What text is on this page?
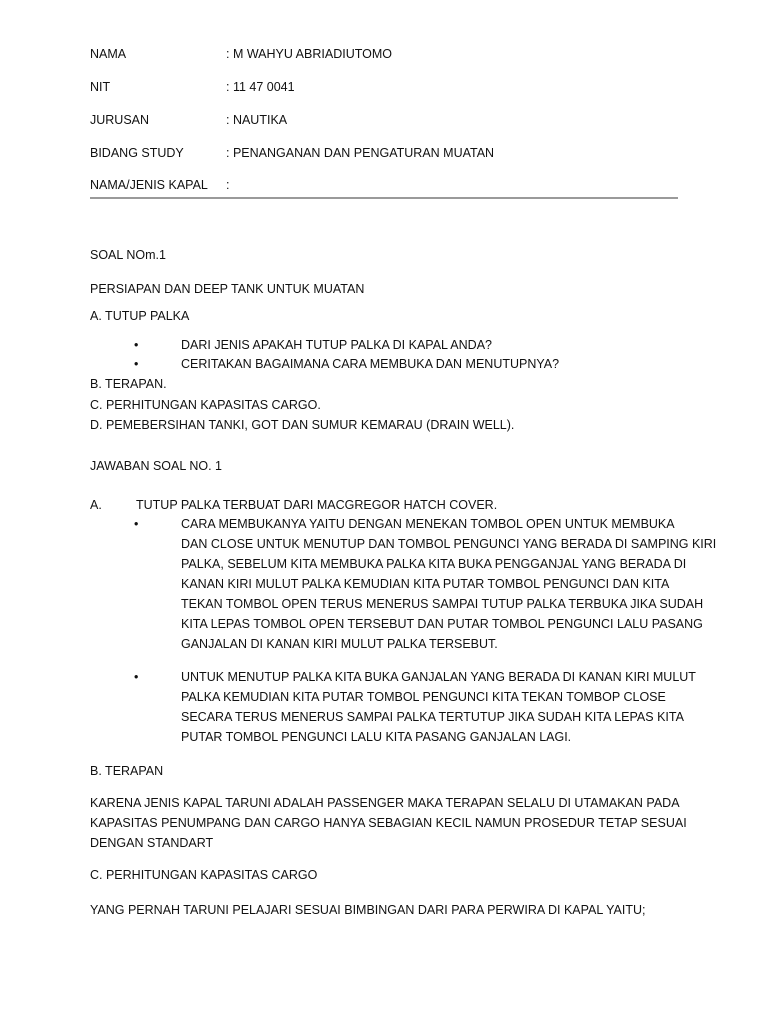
NAMA	: M WAHYU ABRIADIUTOMO
NIT	: 11 47 0041
JURUSAN	: NAUTIKA
BIDANG STUDY	: PENANGANAN DAN PENGATURAN MUATAN
NAMA/JENIS KAPAL :
SOAL NOm.1
PERSIAPAN DAN DEEP TANK UNTUK MUATAN
A. TUTUP PALKA
•	DARI JENIS APAKAH TUTUP PALKA DI KAPAL ANDA?
•	CERITAKAN BAGAIMANA CARA MEMBUKA DAN MENUTUPNYA?
B. TERAPAN.
C. PERHITUNGAN KAPASITAS CARGO.
D. PEMEBERSIHAN TANKI, GOT DAN SUMUR KEMARAU (DRAIN WELL).
JAWABAN SOAL NO. 1
A.	TUTUP PALKA TERBUAT DARI MACGREGOR HATCH COVER.
•	CARA MEMBUKANYA YAITU DENGAN MENEKAN TOMBOL OPEN UNTUK MEMBUKA
DAN CLOSE UNTUK MENUTUP DAN TOMBOL PENGUNCI YANG BERADA DI SAMPING KIRI
PALKA, SEBELUM KITA MEMBUKA PALKA KITA BUKA PENGGANJAL YANG BERADA DI
KANAN KIRI MULUT PALKA KEMUDIAN KITA PUTAR TOMBOL PENGUNCI DAN KITA
TEKAN TOMBOL OPEN TERUS MENERUS SAMPAI TUTUP PALKA TERBUKA JIKA SUDAH
KITA LEPAS TOMBOL OPEN TERSEBUT DAN PUTAR TOMBOL PENGUNCI LALU PASANG
GANJALAN DI KANAN KIRI MULUT PALKA TERSEBUT.
•	UNTUK MENUTUP PALKA KITA BUKA GANJALAN YANG BERADA DI KANAN KIRI MULUT
PALKA KEMUDIAN KITA PUTAR TOMBOL PENGUNCI KITA TEKAN TOMBOP CLOSE
SECARA TERUS MENERUS SAMPAI PALKA TERTUTUP JIKA SUDAH KITA LEPAS KITA
PUTAR TOMBOL PENGUNCI LALU KITA PASANG GANJALAN LAGI.
B. TERAPAN
KARENA JENIS KAPAL TARUNI ADALAH PASSENGER MAKA TERAPAN SELALU DI UTAMAKAN PADA
KAPASITAS PENUMPANG DAN CARGO HANYA SEBAGIAN KECIL NAMUN PROSEDUR TETAP SESUAI
DENGAN STANDART
C. PERHITUNGAN KAPASITAS CARGO
YANG PERNAH TARUNI PELAJARI SESUAI BIMBINGAN DARI PARA PERWIRA DI KAPAL YAITU;
